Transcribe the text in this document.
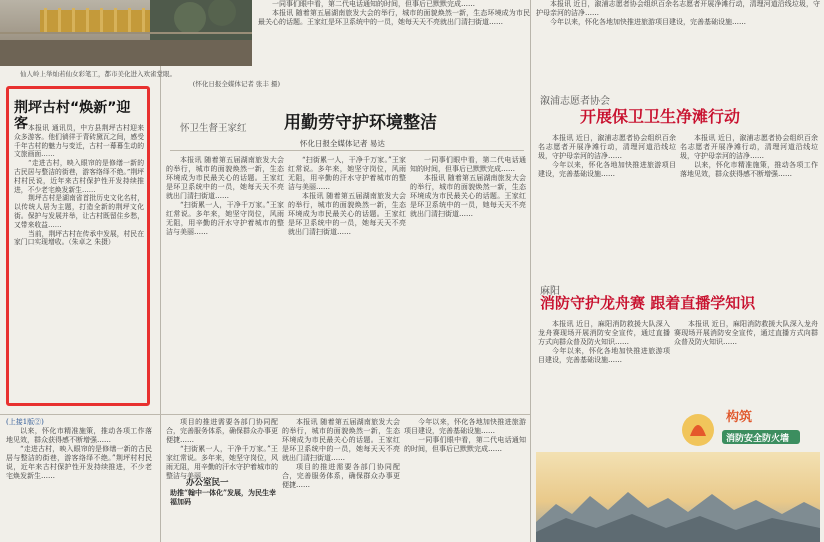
仙人岭上举灿若仙女彩笔工，都市美化进入欢雀堂眼。
(怀化日报全媒体记者 张丰 摄)

一同事们眼中看，第二代电话通知的时间，但事后已默默完成……

本报讯 随着第五届湖南旅发大会的举行，城市的面貌焕然一新，生态环境成为市民最关心的话题。王家红是环卫系统中的一员，她每天天不亮就出门清扫街道……

本报讯 近日，溆浦志愿者协会组织百余名志愿者开展净滩行动，清理河道沿线垃圾，守护母亲河的洁净……

今年以来，怀化各地加快推进旅游项目建设，完善基础设施……

荆坪古村“焕新”迎客 本报讯 通讯员，中方县荆坪古村迎来众多游客。他们徜徉于青砖黛瓦之间，感受千年古村的魅力与变迁，古村一幕幕生动的文旅画面……

“走进古村，映入眼帘的是修缮一新的古民居与整洁的街巷，游客络绎不绝。”荆坪村村民说，近年来古村保护性开发持续推进，不少老宅焕发新生……

荆坪古村是湖南省首批历史文化名村，以传统人居为主题，打造全新的荆坪文化街。保护与发展并举，让古村既留住乡愁，又带来收益……

当前，荆坪古村在传承中发展，村民在家门口实现增收。（朱卓之 朱摄）

怀卫生督王家红 用勤劳守护环境整洁
怀化日报全媒体记者 易达

本报讯 随着第五届湖南旅发大会的举行，城市的面貌焕然一新，生态环境成为市民最关心的话题。王家红是环卫系统中的一员，她每天天不亮就出门清扫街道……

“扫街累一人，干净千万家。”王家红常说。多年来，她坚守岗位，风雨无阻，用辛勤的汗水守护着城市的整洁与美丽……

“扫街累一人，干净千万家。”王家红常说。多年来，她坚守岗位，风雨无阻，用辛勤的汗水守护着城市的整洁与美丽……

本报讯 随着第五届湖南旅发大会的举行，城市的面貌焕然一新，生态环境成为市民最关心的话题。王家红是环卫系统中的一员，她每天天不亮就出门清扫街道……

一同事们眼中看，第二代电话通知的时间，但事后已默默完成……

本报讯 随着第五届湖南旅发大会的举行，城市的面貌焕然一新，生态环境成为市民最关心的话题。王家红是环卫系统中的一员，她每天天不亮就出门清扫街道……

溆浦志愿者协会
开展保卫卫生净滩行动

本报讯 近日，溆浦志愿者协会组织百余名志愿者开展净滩行动，清理河道沿线垃圾，守护母亲河的洁净……

今年以来，怀化各地加快推进旅游项目建设，完善基础设施……

本报讯 近日，溆浦志愿者协会组织百余名志愿者开展净滩行动，清理河道沿线垃圾，守护母亲河的洁净……

以来，怀化市精准施策，推动各项工作落地见效，群众获得感不断增强……

麻阳
消防守护龙舟赛 跟着直播学知识

本报讯 近日，麻阳消防救援大队深入龙舟赛现场开展消防安全宣传，通过直播方式向群众普及防火知识……

今年以来，怀化各地加快推进旅游项目建设，完善基础设施……

本报讯 近日，麻阳消防救援大队深入龙舟赛现场开展消防安全宣传，通过直播方式向群众普及防火知识……

构筑
消防安全防火墙

(上接1版②)

以来，怀化市精准施策，推动各项工作落地见效，群众获得感不断增强……

“走进古村，映入眼帘的是修缮一新的古民居与整洁的街巷，游客络绎不绝。”荆坪村村民说，近年来古村保护性开发持续推进，不少老宅焕发新生……

项目的推进需要各部门协同配合，完善服务体系，确保群众办事更便捷……

“扫街累一人，干净千万家。”王家红常说。多年来，她坚守岗位，风雨无阻，用辛勤的汗水守护着城市的整洁与美丽……

办公室民一
助推“翰中一体化”发展，为民生幸福加码

本报讯 随着第五届湖南旅发大会的举行，城市的面貌焕然一新，生态环境成为市民最关心的话题。王家红是环卫系统中的一员，她每天天不亮就出门清扫街道……

项目的推进需要各部门协同配合，完善服务体系，确保群众办事更便捷……

今年以来，怀化各地加快推进旅游项目建设，完善基础设施……

一同事们眼中看，第二代电话通知的时间，但事后已默默完成……
